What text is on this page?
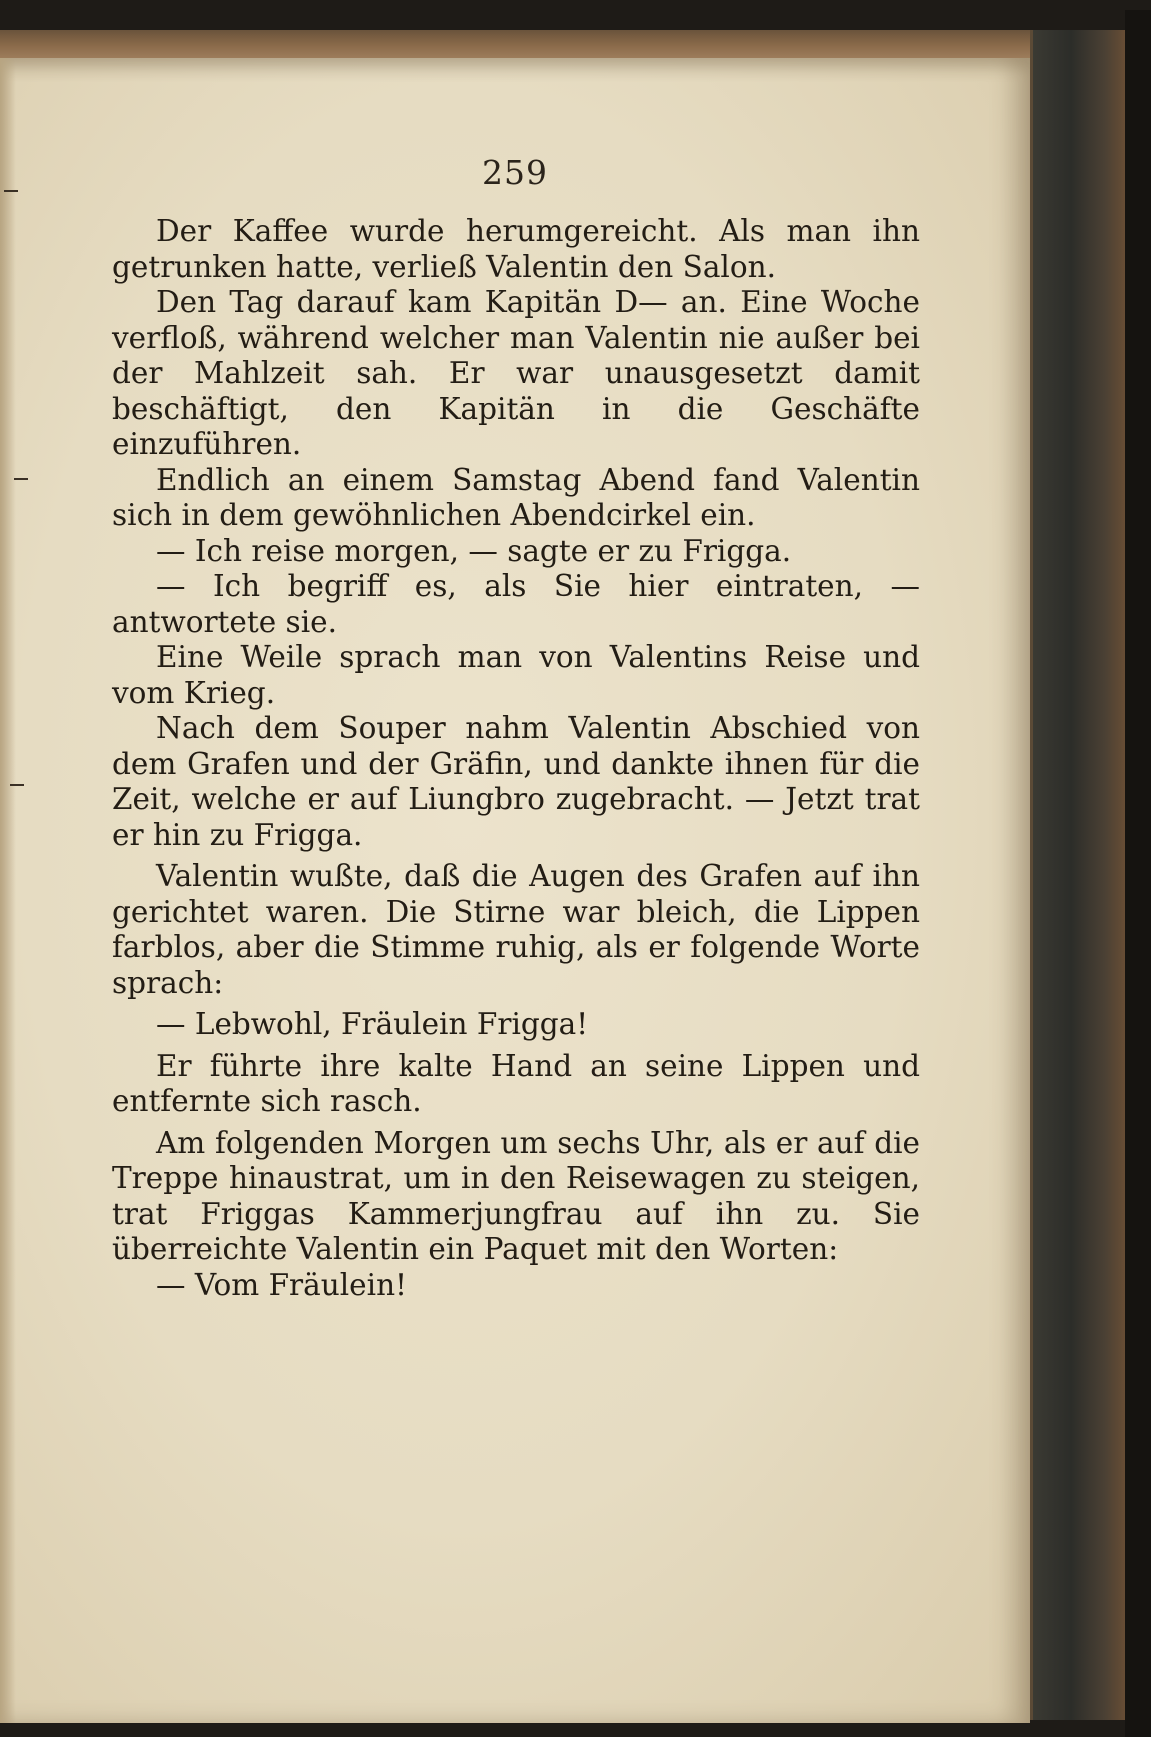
259

Der Kaffee wurde herumgereicht. Als man ihn getrunken hatte, verließ Valentin den Salon.

Den Tag darauf kam Kapitän D— an. Eine Woche verfloß, während welcher man Valentin nie außer bei der Mahlzeit sah. Er war unausgesetzt damit beschäftigt, den Kapitän in die Geschäfte einzuführen.

Endlich an einem Samstag Abend fand Valentin sich in dem gewöhnlichen Abendcirkel ein.

— Ich reise morgen, — sagte er zu Frigga.

— Ich begriff es, als Sie hier eintraten, — antwortete sie.

Eine Weile sprach man von Valentins Reise und vom Krieg.

Nach dem Souper nahm Valentin Abschied von dem Grafen und der Gräfin, und dankte ihnen für die Zeit, welche er auf Liungbro zugebracht. — Jetzt trat er hin zu Frigga.

Valentin wußte, daß die Augen des Grafen auf ihn gerichtet waren. Die Stirne war bleich, die Lippen farblos, aber die Stimme ruhig, als er folgende Worte sprach:

— Lebwohl, Fräulein Frigga!

Er führte ihre kalte Hand an seine Lippen und entfernte sich rasch.

Am folgenden Morgen um sechs Uhr, als er auf die Treppe hinaustrat, um in den Reisewagen zu steigen, trat Friggas Kammerjungfrau auf ihn zu. Sie überreichte Valentin ein Paquet mit den Worten:

— Vom Fräulein!
